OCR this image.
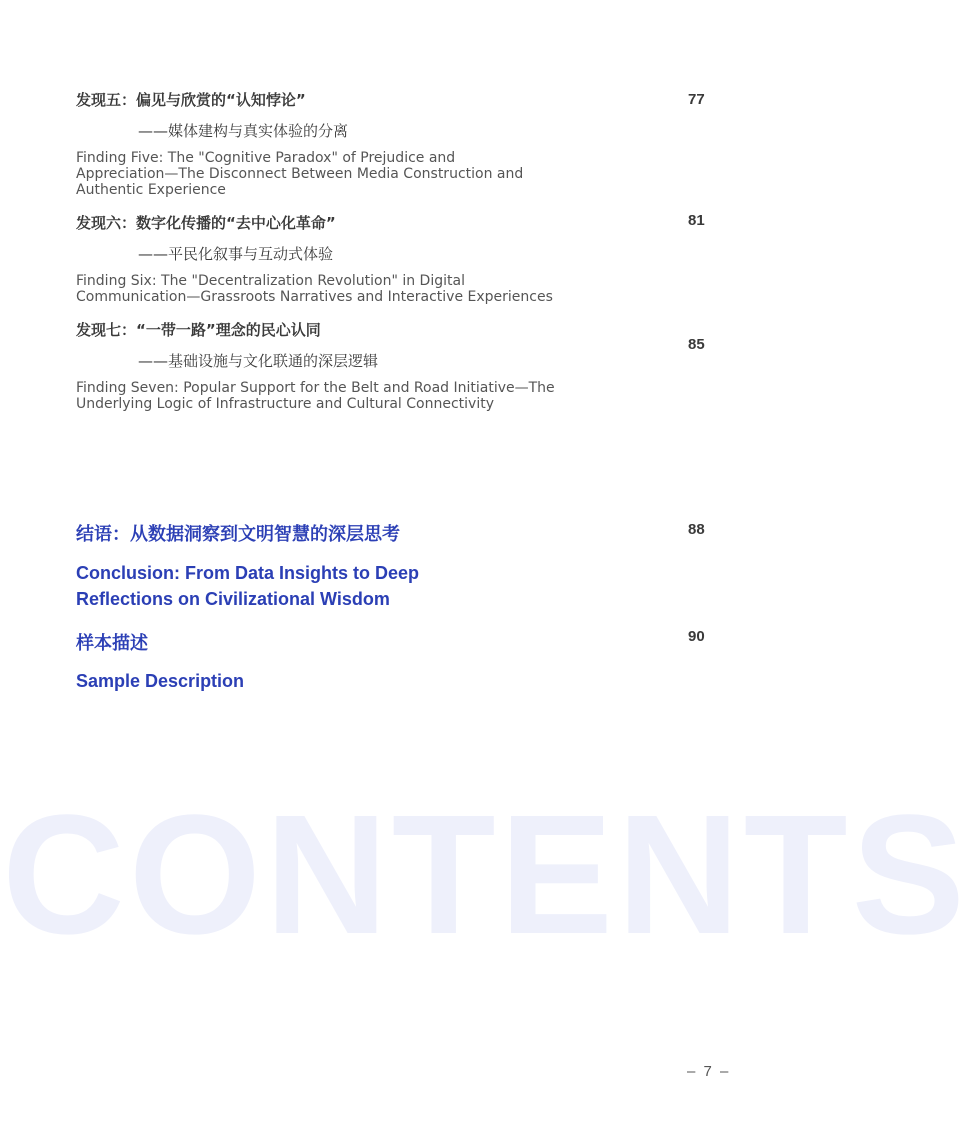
CONTENTS
发现五：偏见与欣赏的“认知悖论”
——媒体建构与真实体验的分离
Finding Five: The "Cognitive Paradox" of Prejudice and Appreciation—The Disconnect Between Media Construction and Authentic Experience
77
发现六：数字化传播的“去中心化革命”
——平民化叙事与互动式体验
Finding Six: The "Decentralization Revolution" in Digital Communication—Grassroots Narratives and Interactive Experiences
81
发现七：“一带一路”理念的民心认同
——基础设施与文化联通的深层逻辑
Finding Seven: Popular Support for the Belt and Road Initiative—The Underlying Logic of Infrastructure and Cultural Connectivity
85
结语：从数据洞察到文明智慧的深层思考	88
Conclusion: From Data Insights to Deep Reflections on Civilizational Wisdom
样本描述	90
Sample Description
– 7 –
